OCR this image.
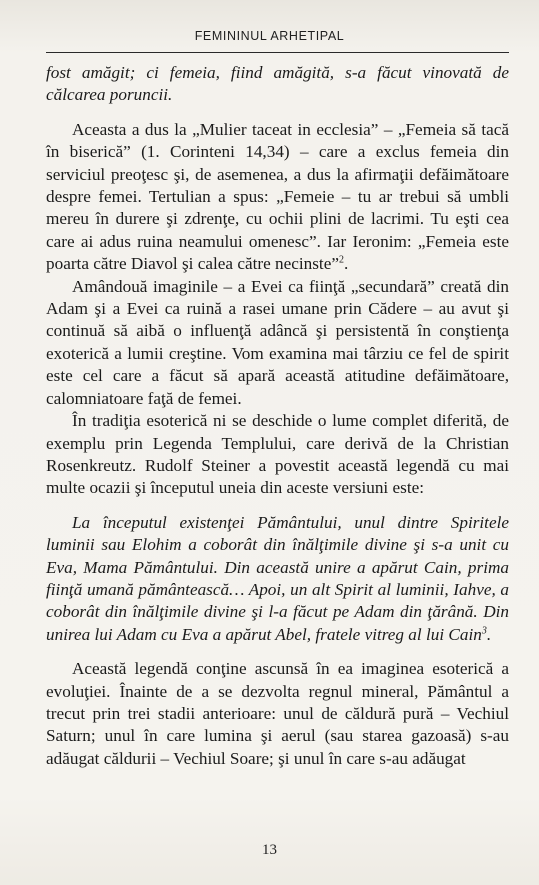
FEMININUL ARHETIPAL

fost amăgit; ci femeia, fiind amăgită, s-a făcut vinovată de călcarea poruncii.

Aceasta a dus la „Mulier taceat in ecclesia” – „Femeia să tacă în biserică” (1. Corinteni 14,34) – care a exclus femeia din serviciul preoţesc şi, de asemenea, a dus la afirmaţii defăimătoare despre femei. Tertulian a spus: „Femeie – tu ar trebui să umbli mereu în durere şi zdrenţe, cu ochii plini de lacrimi. Tu eşti cea care ai adus ruina neamului omenesc”. Iar Ieronim: „Femeia este poarta către Diavol şi calea către necinste”$^2$.

Amândouă imaginile – a Evei ca fiinţă „secundară” creată din Adam şi a Evei ca ruină a rasei umane prin Cădere – au avut şi continuă să aibă o influenţă adâncă şi persistentă în conştienţa exoterică a lumii creştine. Vom examina mai târziu ce fel de spirit este cel care a făcut să apară această atitudine defăimătoare, calomniatoare faţă de femei.

În tradiţia esoterică ni se deschide o lume complet diferită, de exemplu prin Legenda Templului, care derivă de la Christian Rosenkreutz. Rudolf Steiner a povestit această legendă cu mai multe ocazii şi începutul uneia din aceste versiuni este:

La începutul existenţei Pământului, unul dintre Spiritele luminii sau Elohim a coborât din înălţimile divine şi s-a unit cu Eva, Mama Pământului. Din această unire a apărut Cain, prima fiinţă umană pământească… Apoi, un alt Spirit al luminii, Iahve, a coborât din înălţimile divine şi l-a făcut pe Adam din ţărână. Din unirea lui Adam cu Eva a apărut Abel, fratele vitreg al lui Cain$^3$.

Această legendă conţine ascunsă în ea imaginea esoterică a evoluţiei. Înainte de a se dezvolta regnul mineral, Pământul a trecut prin trei stadii anterioare: unul de căldură pură – Vechiul Saturn; unul în care lumina şi aerul (sau starea gazoasă) s-au adăugat căldurii – Vechiul Soare; şi unul în care s-au adăugat

13
